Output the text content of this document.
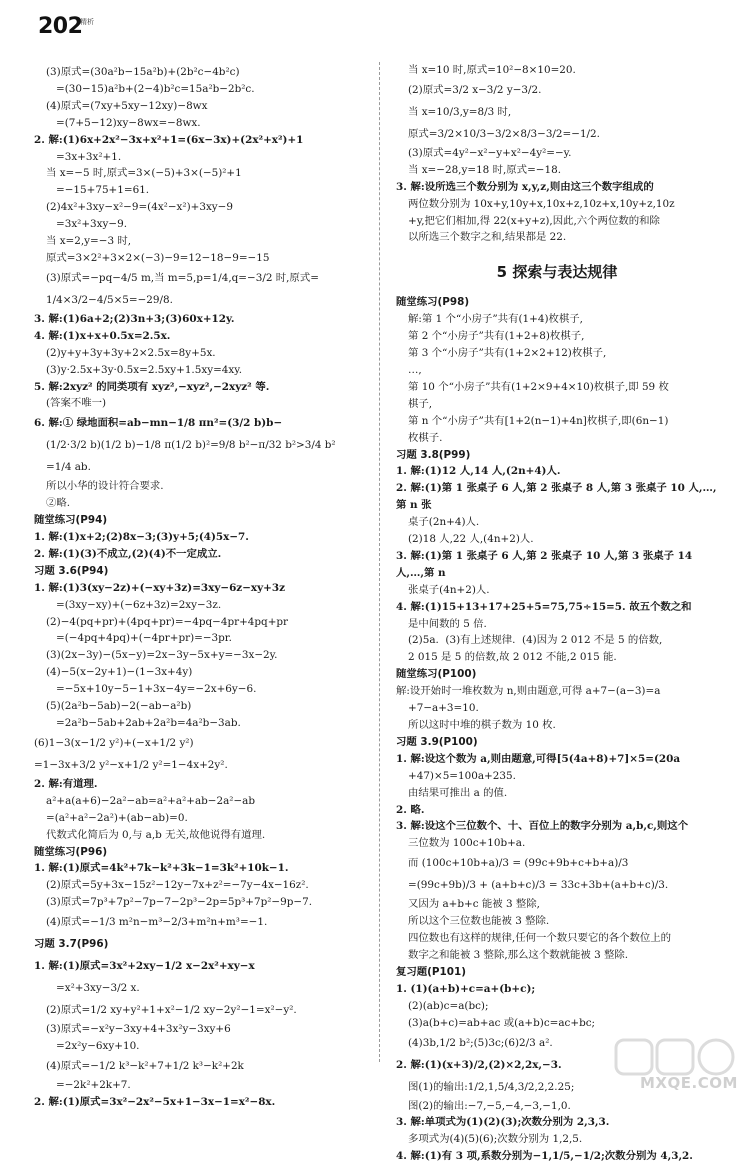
202
精析
(3)原式=(30a²b−15a²b)+(2b²c−4b²c)
=(30−15)a²b+(2−4)b²c=15a²b−2b²c.
(4)原式=(7xy+5xy−12xy)−8wx
=(7+5−12)xy−8wx=−8wx.
2. 解:(1)6x+2x²−3x+x²+1=(6x−3x)+(2x²+x²)+1
=3x+3x²+1.
当 x=−5 时,原式=3×(−5)+3×(−5)²+1
=−15+75+1=61.
(2)4x²+3xy−x²−9=(4x²−x²)+3xy−9
=3x²+3xy−9.
当 x=2,y=−3 时,
原式=3×2²+3×2×(−3)−9=12−18−9=−15
(3)原式=−pq−4/5 m,当 m=5,p=1/4,q=−3/2 时,原式=
1/4×3/2−4/5×5=−29/8.
3. 解:(1)6a+2;(2)3n+3;(3)60x+12y.
4. 解:(1)x+x+0.5x=2.5x.
(2)y+y+3y+3y+2×2.5x=8y+5x.
(3)y·2.5x+3y·0.5x=2.5xy+1.5xy=4xy.
5. 解:2xyz² 的同类项有 xyz²,−xyz²,−2xyz² 等.
(答案不唯一)
6. 解:① 绿地面积=ab−mn−1/8 πn²=(3/2 b)b−
(1/2·3/2 b)(1/2 b)−1/8 π(1/2 b)²=9/8 b²−π/32 b²>3/4 b²
=1/4 ab.
所以小华的设计符合要求.
②略.
随堂练习(P94)
1. 解:(1)x+2;(2)8x−3;(3)y+5;(4)5x−7.
2. 解:(1)(3)不成立,(2)(4)不一定成立.
习题 3.6(P94)
1. 解:(1)3(xy−2z)+(−xy+3z)=3xy−6z−xy+3z
=(3xy−xy)+(−6z+3z)=2xy−3z.
(2)−4(pq+pr)+(4pq+pr)=−4pq−4pr+4pq+pr
=(−4pq+4pq)+(−4pr+pr)=−3pr.
(3)(2x−3y)−(5x−y)=2x−3y−5x+y=−3x−2y.
(4)−5(x−2y+1)−(1−3x+4y)
=−5x+10y−5−1+3x−4y=−2x+6y−6.
(5)(2a²b−5ab)−2(−ab−a²b)
=2a²b−5ab+2ab+2a²b=4a²b−3ab.
(6)1−3(x−1/2 y²)+(−x+1/2 y²)
=1−3x+3/2 y²−x+1/2 y²=1−4x+2y².
2. 解:有道理.
a²+a(a+6)−2a²−ab=a²+a²+ab−2a²−ab
=(a²+a²−2a²)+(ab−ab)=0.
代数式化简后为 0,与 a,b 无关,故他说得有道理.
随堂练习(P96)
1. 解:(1)原式=4k²+7k−k²+3k−1=3k²+10k−1.
(2)原式=5y+3x−15z²−12y−7x+z²=−7y−4x−16z².
(3)原式=7p³+7p²−7p−7−2p³−2p=5p³+7p²−9p−7.
(4)原式=−1/3 m²n−m³−2/3+m²n+m³=−1.
习题 3.7(P96)
1. 解:(1)原式=3x²+2xy−1/2 x−2x²+xy−x
=x²+3xy−3/2 x.
(2)原式=1/2 xy+y²+1+x²−1/2 xy−2y²−1=x²−y².
(3)原式=−x²y−3xy+4+3x²y−3xy+6
=2x²y−6xy+10.
(4)原式=−1/2 k³−k²+7+1/2 k³−k²+2k
=−2k²+2k+7.
2. 解:(1)原式=3x²−2x²−5x+1−3x−1=x²−8x.
当 x=10 时,原式=10²−8×10=20.
(2)原式=3/2 x−3/2 y−3/2.
当 x=10/3,y=8/3 时,
原式=3/2×10/3−3/2×8/3−3/2=−1/2.
(3)原式=4y²−x²−y+x²−4y²=−y.
当 x=−28,y=18 时,原式=−18.
3. 解:设所选三个数分别为 x,y,z,则由这三个数字组成的
两位数分别为 10x+y,10y+x,10x+z,10z+x,10y+z,10z
+y,把它们相加,得 22(x+y+z),因此,六个两位数的和除
以所选三个数字之和,结果都是 22.
5 探索与表达规律
随堂练习(P98)
解:第 1 个“小房子”共有(1+4)枚棋子,
第 2 个“小房子”共有(1+2+8)枚棋子,
第 3 个“小房子”共有(1+2×2+12)枚棋子,
…,
第 10 个“小房子”共有(1+2×9+4×10)枚棋子,即 59 枚
棋子,
第 n 个“小房子”共有[1+2(n−1)+4n]枚棋子,即(6n−1)
枚棋子.
习题 3.8(P99)
1. 解:(1)12 人,14 人,(2n+4)人.
2. 解:(1)第 1 张桌子 6 人,第 2 张桌子 8 人,第 3 张桌子 10 人,…,第 n 张
桌子(2n+4)人.
(2)18 人,22 人,(4n+2)人.
3. 解:(1)第 1 张桌子 6 人,第 2 张桌子 10 人,第 3 张桌子 14 人,…,第 n
张桌子(4n+2)人.
4. 解:(1)15+13+17+25+5=75,75÷15=5. 故五个数之和
是中间数的 5 倍.
(2)5a.  (3)有上述规律.  (4)因为 2 012 不是 5 的倍数,
2 015 是 5 的倍数,故 2 012 不能,2 015 能.
随堂练习(P100)
解:设开始时一堆枚数为 n,则由题意,可得 a+7−(a−3)=a
+7−a+3=10.
所以这时中堆的棋子数为 10 枚.
习题 3.9(P100)
1. 解:设这个数为 a,则由题意,可得[5(4a+8)+7]×5=(20a
+47)×5=100a+235.
由结果可推出 a 的值.
2. 略.
3. 解:设这个三位数个、十、百位上的数字分别为 a,b,c,则这个
三位数为 100c+10b+a.
而 (100c+10b+a)/3 = (99c+9b+c+b+a)/3
=(99c+9b)/3 + (a+b+c)/3 = 33c+3b+(a+b+c)/3.
又因为 a+b+c 能被 3 整除,
所以这个三位数也能被 3 整除.
四位数也有这样的规律,任何一个数只要它的各个数位上的
数字之和能被 3 整除,那么这个数就能被 3 整除.
复习题(P101)
1. (1)(a+b)+c=a+(b+c);
(2)(ab)c=a(bc);
(3)a(b+c)=ab+ac 或(a+b)c=ac+bc;
(4)3b,1/2 b²;(5)3c;(6)2/3 a².
2. 解:(1)(x+3)/2,(2)×2,2x,−3.
图(1)的输出:1/2,1,5/4,3/2,2,2.25;
图(2)的输出:−7,−5,−4,−3,−1,0.
3. 解:单项式为(1)(2)(3);次数分别为 2,3,3.
多项式为(4)(5)(6);次数分别为 1,2,5.
4. 解:(1)有 3 项,系数分别为−1,1/5,−1/2;次数分别为 4,3,2.
MXQE.COM
